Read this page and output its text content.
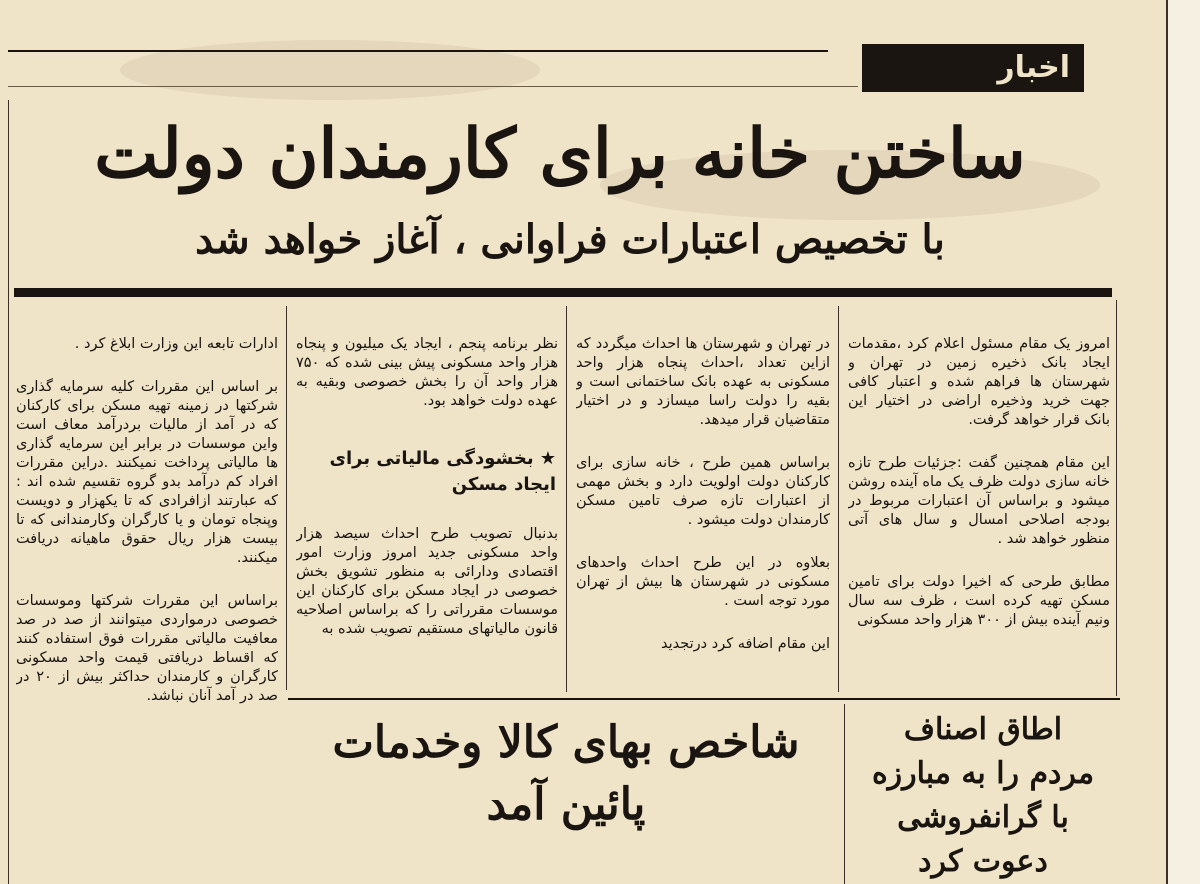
اخبار
ساختن خانه برای کارمندان دولت
با تخصیص اعتبارات فراوانی ، آغاز خواهد شد

امروز یک مقام مسئول اعلام کرد ،مقدمات ایجاد بانک ذخیره زمین در تهران و شهرستان ها فراهم شده و اعتبار کافی جهت خرید وذخیره اراضی در اختیار این بانک قرار خواهد گرفت.

این مقام همچنین گفت :جزئیات طرح تازه خانه سازی دولت ظرف یک ماه آینده روشن میشود و براساس آن اعتبارات مربوط در بودجه اصلاحی امسال و سال های آتی منظور خواهد شد .

مطابق طرحی که اخیرا دولت برای تامین مسکن تهیه کرده است ، ظرف سه سال ونیم آینده بیش از ۳۰۰ هزار واحد مسکونی

در تهران و شهرستان ها احداث میگردد که ازاین تعداد ،احداث پنجاه هزار واحد مسکونی به عهده بانک ساختمانی است و بقیه را دولت راسا میسازد و در اختیار متقاضیان قرار میدهد.

براساس همین طرح ، خانه سازی برای کارکنان دولت اولویت دارد و بخش مهمی از اعتبارات تازه صرف تامین مسکن کارمندان دولت میشود .

بعلاوه در این طرح احداث واحدهای مسکونی در شهرستان ها بیش از تهران مورد توجه است .

این مقام اضافه کرد درتجدید

نظر برنامه پنجم ، ایجاد یک میلیون و پنجاه هزار واحد مسکونی پیش بینی شده که ۷۵۰ هزار واحد آن را بخش خصوصی وبقیه به عهده دولت خواهد بود.

★ بخشودگی مالیاتی برای ایجاد مسکن

بدنبال تصویب طرح احداث سیصد هزار واحد مسکونی جدید امروز وزارت امور اقتصادی ودارائی به منظور تشویق بخش خصوصی در ایجاد مسکن برای کارکنان این موسسات مقرراتی را که براساس اصلاحیه قانون مالیاتهای مستقیم تصویب شده به

ادارات تابعه این وزارت ابلاغ کرد .

بر اساس این مقررات کلیه سرمایه گذاری شرکتها در زمینه تهیه مسکن برای کارکنان که در آمد از مالیات بردرآمد معاف است واین موسسات در برابر این سرمایه گذاری ها مالیاتی پرداخت نمیکنند .دراین مقررات افراد کم درآمد بدو گروه تقسیم شده اند : که عبارتند ازافرادی که تا یکهزار و دویست وپنجاه تومان و یا کارگران وکارمندانی که تا بیست هزار ریال حقوق ماهیانه دریافت میکنند.

براساس این مقررات شرکتها وموسسات خصوصی درمواردی میتوانند از صد در صد معافیت مالیاتی مقررات فوق استفاده کنند که اقساط دریافتی قیمت واحد مسکونی کارگران و کارمندان حداکثر بیش از ۲۰ در صد در آمد آنان نباشد.

شاخص بهای کالا وخدمات
پائین آمد
اطاق اصناف
مردم را به مبارزه
با گرانفروشی
دعوت کرد
